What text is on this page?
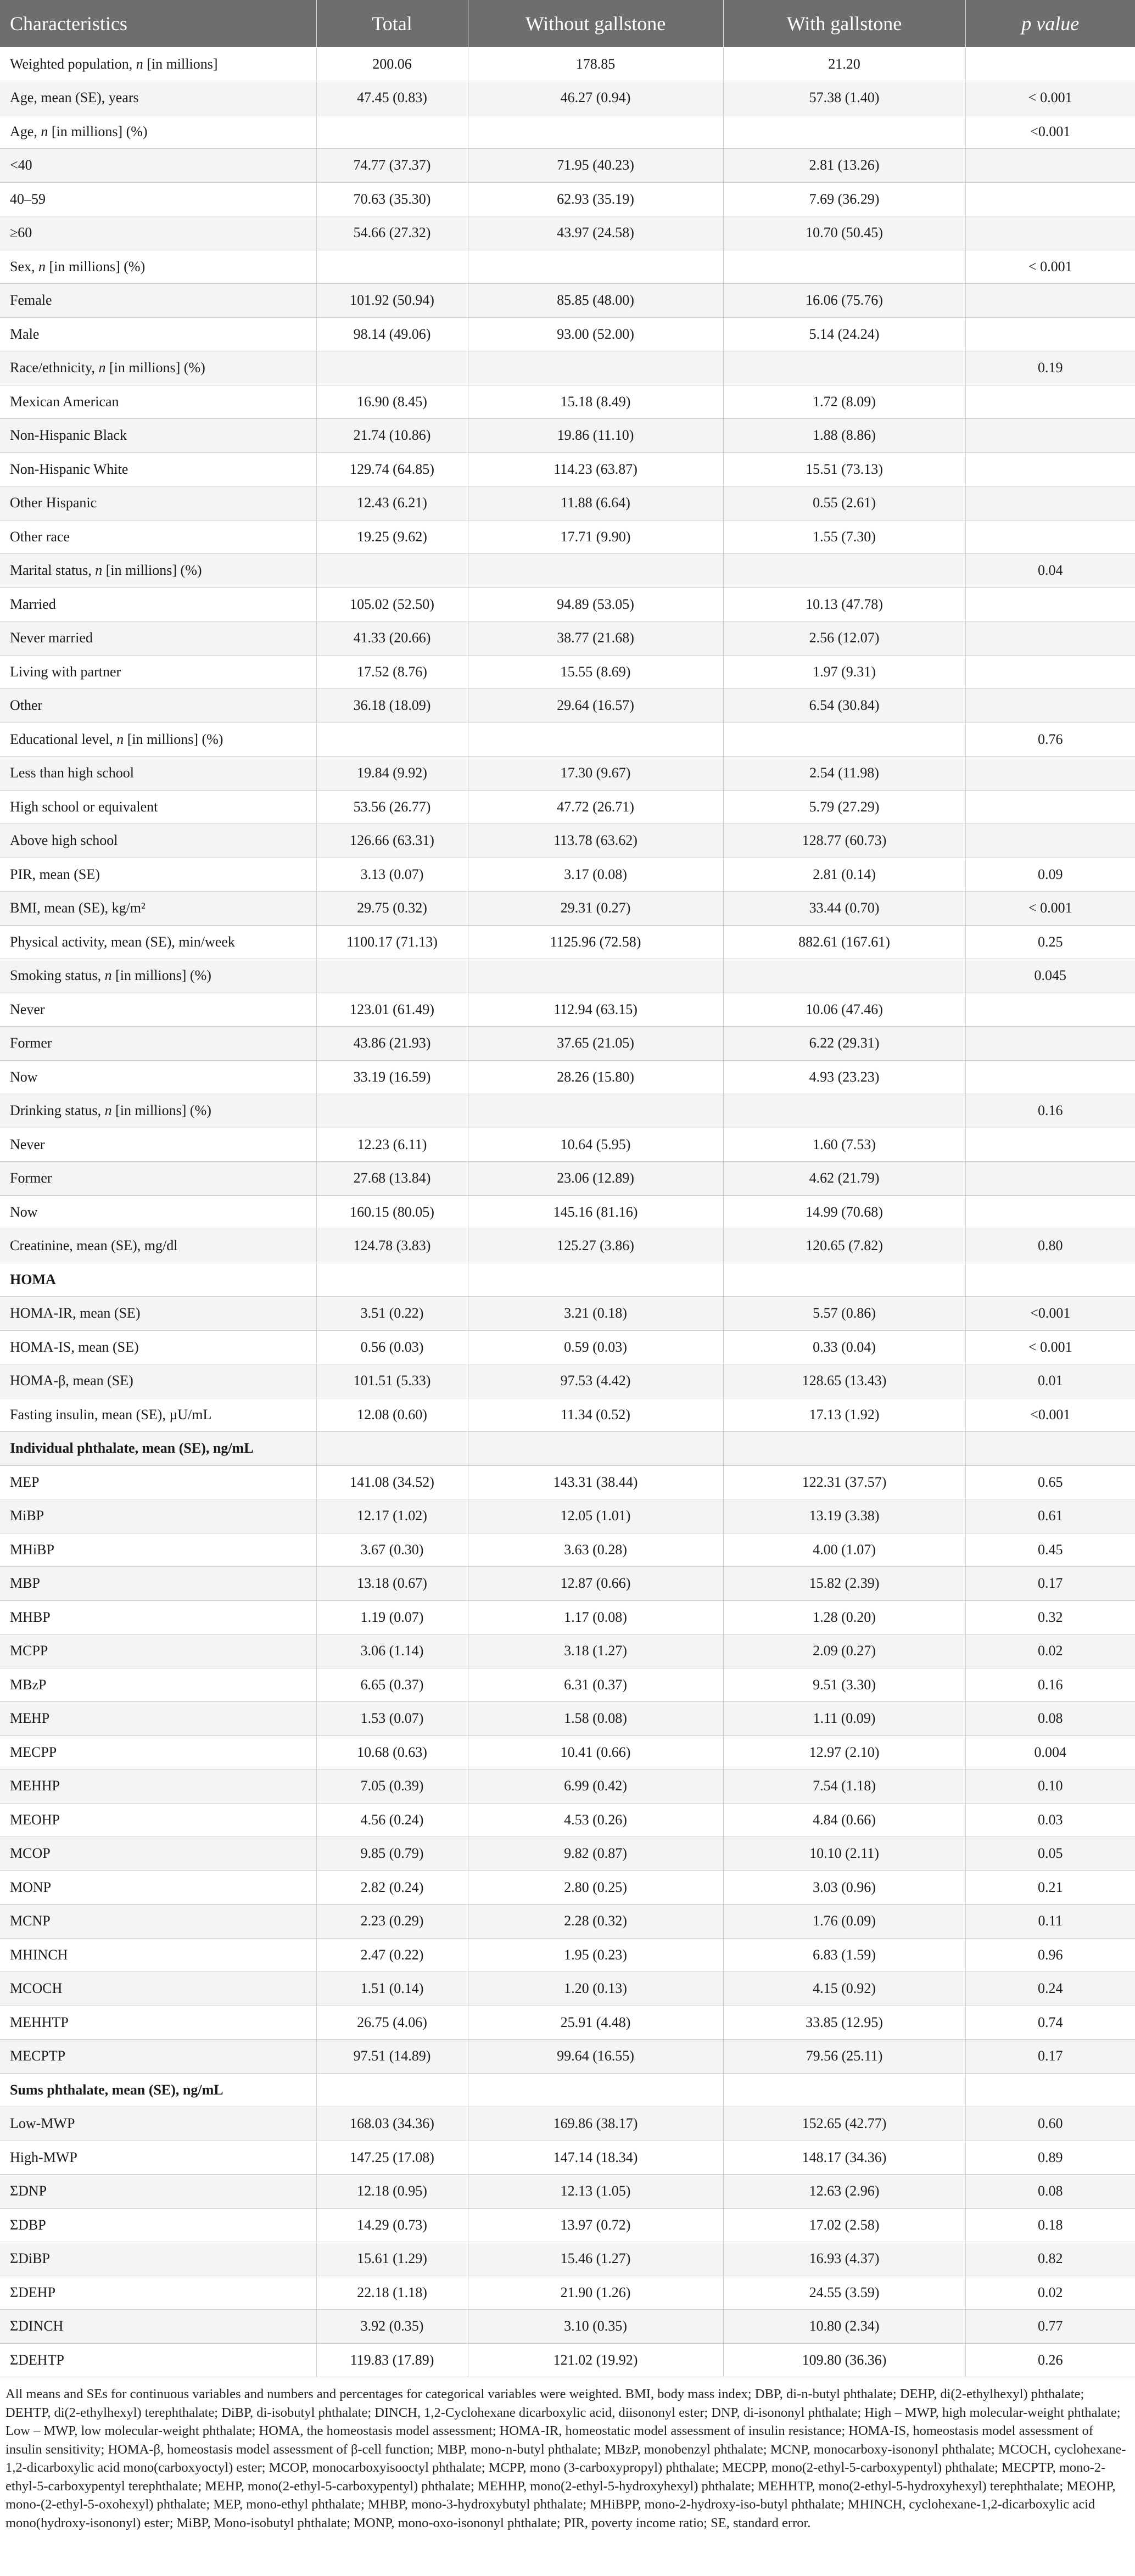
Characteristics	Total	Without gallstone	With gallstone	p value
Weighted population, n [in millions]	200.06	178.85	21.20	
Age, mean (SE), years	47.45 (0.83)	46.27 (0.94)	57.38 (1.40)	< 0.001
Age, n [in millions] (%)				<0.001
<40	74.77 (37.37)	71.95 (40.23)	2.81 (13.26)	
40–59	70.63 (35.30)	62.93 (35.19)	7.69 (36.29)	
≥60	54.66 (27.32)	43.97 (24.58)	10.70 (50.45)	
Sex, n [in millions] (%)				< 0.001
Female	101.92 (50.94)	85.85 (48.00)	16.06 (75.76)	
Male	98.14 (49.06)	93.00 (52.00)	5.14 (24.24)	
Race/ethnicity, n [in millions] (%)				0.19
Mexican American	16.90 (8.45)	15.18 (8.49)	1.72 (8.09)	
Non-Hispanic Black	21.74 (10.86)	19.86 (11.10)	1.88 (8.86)	
Non-Hispanic White	129.74 (64.85)	114.23 (63.87)	15.51 (73.13)	
Other Hispanic	12.43 (6.21)	11.88 (6.64)	0.55 (2.61)	
Other race	19.25 (9.62)	17.71 (9.90)	1.55 (7.30)	
Marital status, n [in millions] (%)				0.04
Married	105.02 (52.50)	94.89 (53.05)	10.13 (47.78)	
Never married	41.33 (20.66)	38.77 (21.68)	2.56 (12.07)	
Living with partner	17.52 (8.76)	15.55 (8.69)	1.97 (9.31)	
Other	36.18 (18.09)	29.64 (16.57)	6.54 (30.84)	
Educational level, n [in millions] (%)				0.76
Less than high school	19.84 (9.92)	17.30 (9.67)	2.54 (11.98)	
High school or equivalent	53.56 (26.77)	47.72 (26.71)	5.79 (27.29)	
Above high school	126.66 (63.31)	113.78 (63.62)	128.77 (60.73)	
PIR, mean (SE)	3.13 (0.07)	3.17 (0.08)	2.81 (0.14)	0.09
BMI, mean (SE), kg/m²	29.75 (0.32)	29.31 (0.27)	33.44 (0.70)	< 0.001
Physical activity, mean (SE), min/week	1100.17 (71.13)	1125.96 (72.58)	882.61 (167.61)	0.25
Smoking status, n [in millions] (%)				0.045
Never	123.01 (61.49)	112.94 (63.15)	10.06 (47.46)	
Former	43.86 (21.93)	37.65 (21.05)	6.22 (29.31)	
Now	33.19 (16.59)	28.26 (15.80)	4.93 (23.23)	
Drinking status, n [in millions] (%)				0.16
Never	12.23 (6.11)	10.64 (5.95)	1.60 (7.53)	
Former	27.68 (13.84)	23.06 (12.89)	4.62 (21.79)	
Now	160.15 (80.05)	145.16 (81.16)	14.99 (70.68)	
Creatinine, mean (SE), mg/dl	124.78 (3.83)	125.27 (3.86)	120.65 (7.82)	0.80
HOMA				
HOMA-IR, mean (SE)	3.51 (0.22)	3.21 (0.18)	5.57 (0.86)	<0.001
HOMA-IS, mean (SE)	0.56 (0.03)	0.59 (0.03)	0.33 (0.04)	< 0.001
HOMA-β, mean (SE)	101.51 (5.33)	97.53 (4.42)	128.65 (13.43)	0.01
Fasting insulin, mean (SE), µU/mL	12.08 (0.60)	11.34 (0.52)	17.13 (1.92)	<0.001
Individual phthalate, mean (SE), ng/mL				
MEP	141.08 (34.52)	143.31 (38.44)	122.31 (37.57)	0.65
MiBP	12.17 (1.02)	12.05 (1.01)	13.19 (3.38)	0.61
MHiBP	3.67 (0.30)	3.63 (0.28)	4.00 (1.07)	0.45
MBP	13.18 (0.67)	12.87 (0.66)	15.82 (2.39)	0.17
MHBP	1.19 (0.07)	1.17 (0.08)	1.28 (0.20)	0.32
MCPP	3.06 (1.14)	3.18 (1.27)	2.09 (0.27)	0.02
MBzP	6.65 (0.37)	6.31 (0.37)	9.51 (3.30)	0.16
MEHP	1.53 (0.07)	1.58 (0.08)	1.11 (0.09)	0.08
MECPP	10.68 (0.63)	10.41 (0.66)	12.97 (2.10)	0.004
MEHHP	7.05 (0.39)	6.99 (0.42)	7.54 (1.18)	0.10
MEOHP	4.56 (0.24)	4.53 (0.26)	4.84 (0.66)	0.03
MCOP	9.85 (0.79)	9.82 (0.87)	10.10 (2.11)	0.05
MONP	2.82 (0.24)	2.80 (0.25)	3.03 (0.96)	0.21
MCNP	2.23 (0.29)	2.28 (0.32)	1.76 (0.09)	0.11
MHINCH	2.47 (0.22)	1.95 (0.23)	6.83 (1.59)	0.96
MCOCH	1.51 (0.14)	1.20 (0.13)	4.15 (0.92)	0.24
MEHHTP	26.75 (4.06)	25.91 (4.48)	33.85 (12.95)	0.74
MECPTP	97.51 (14.89)	99.64 (16.55)	79.56 (25.11)	0.17
Sums phthalate, mean (SE), ng/mL				
Low-MWP	168.03 (34.36)	169.86 (38.17)	152.65 (42.77)	0.60
High-MWP	147.25 (17.08)	147.14 (18.34)	148.17 (34.36)	0.89
ΣDNP	12.18 (0.95)	12.13 (1.05)	12.63 (2.96)	0.08
ΣDBP	14.29 (0.73)	13.97 (0.72)	17.02 (2.58)	0.18
ΣDiBP	15.61 (1.29)	15.46 (1.27)	16.93 (4.37)	0.82
ΣDEHP	22.18 (1.18)	21.90 (1.26)	24.55 (3.59)	0.02
ΣDINCH	3.92 (0.35)	3.10 (0.35)	10.80 (2.34)	0.77
ΣDEHTP	119.83 (17.89)	121.02 (19.92)	109.80 (36.36)	0.26
All means and SEs for continuous variables and numbers and percentages for categorical variables were weighted. BMI, body mass index; DBP, di-n-butyl phthalate; DEHP, di(2-ethylhexyl) phthalate; DEHTP, di(2-ethylhexyl) terephthalate; DiBP, di-isobutyl phthalate; DINCH, 1,2-Cyclohexane dicarboxylic acid, diisononyl ester; DNP, di-isononyl phthalate; High – MWP, high molecular-weight phthalate; Low – MWP, low molecular-weight phthalate; HOMA, the homeostasis model assessment; HOMA-IR, homeostatic model assessment of insulin resistance; HOMA-IS, homeostasis model assessment of insulin sensitivity; HOMA-β, homeostasis model assessment of β-cell function; MBP, mono-n-butyl phthalate; MBzP, monobenzyl phthalate; MCNP, monocarboxy-isononyl phthalate; MCOCH, cyclohexane-1,2-dicarboxylic acid mono(carboxyoctyl) ester; MCOP, monocarboxyisooctyl phthalate; MCPP, mono (3-carboxypropyl) phthalate; MECPP, mono(2-ethyl-5-carboxypentyl) phthalate; MECPTP, mono-2-ethyl-5-carboxypentyl terephthalate; MEHP, mono(2-ethyl-5-carboxypentyl) phthalate; MEHHP, mono(2-ethyl-5-hydroxyhexyl) phthalate; MEHHTP, mono(2-ethyl-5-hydroxyhexyl) terephthalate; MEOHP, mono-(2-ethyl-5-oxohexyl) phthalate; MEP, mono-ethyl phthalate; MHBP, mono-3-hydroxybutyl phthalate; MHiBPP, mono-2-hydroxy-iso-butyl phthalate; MHINCH, cyclohexane-1,2-dicarboxylic acid mono(hydroxy-isononyl) ester; MiBP, Mono-isobutyl phthalate; MONP, mono-oxo-isononyl phthalate; PIR, poverty income ratio; SE, standard error.
